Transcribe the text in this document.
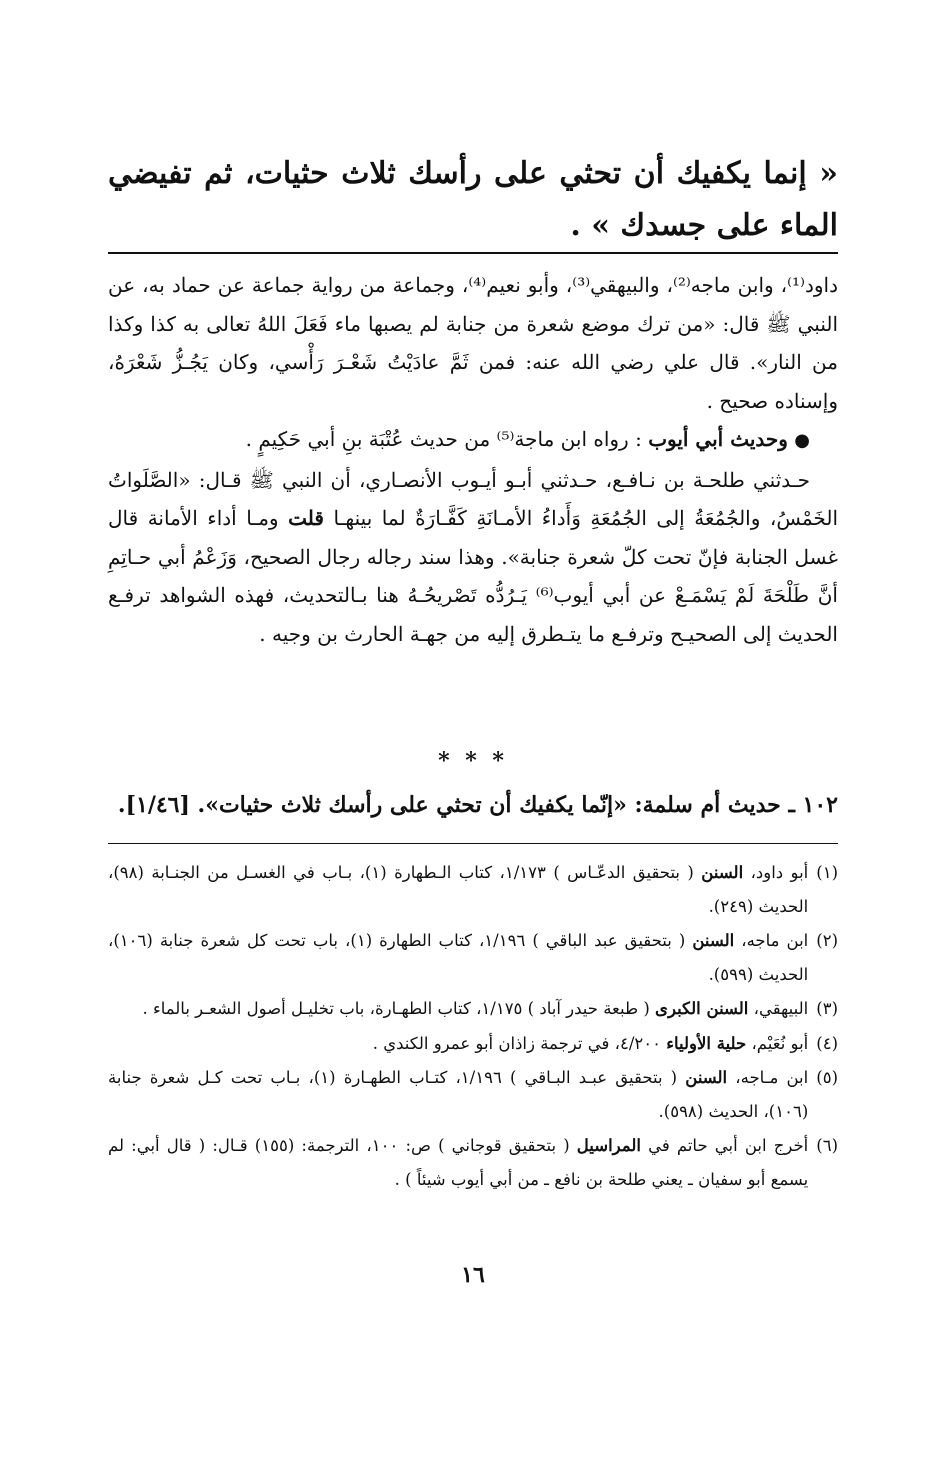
« إنما يكفيك أن تحثي على رأسك ثلاث حثيات، ثم تفيضي الماء على جسدك » .

داود⁽¹⁾، وابن ماجه⁽²⁾، والبيهقي⁽³⁾، وأبو نعيم⁽⁴⁾، وجماعة من رواية جماعة عن حماد به، عن النبي ﷺ قال: «من ترك موضع شعرة من جنابة لم يصبها ماء فَعَلَ اللهُ تعالى به كذا وكذا من النار». قال علي رضي الله عنه: فمن ثَمَّ عادَيْتُ شَعْـرَ رَأْسي، وكان يَجُـزُّ شَعْرَهُ، وإسناده صحيح .

● وحديث أبي أيوب : رواه ابن ماجة⁽⁵⁾ من حديث عُتْبَة بنِ أبي حَكِيمٍ .

حـدثني طلحـة بن نـافـع، حـدثني أبـو أيـوب الأنصـاري، أن النبي ﷺ قـال: «الصَّلَواتُ الخَمْسُ، والجُمُعَةُ إلى الجُمُعَةِ وَأَداءُ الأمـانَةِ كَفَّـارَةٌ لما بينهـا قلت ومـا أداء الأمانة قال غسل الجنابة فإنّ تحت كلّ شعرة جنابة». وهذا سند رجاله رجال الصحيح، وَزَعْمُ أبي حـاتِمِ أنَّ طَلْحَةَ لَمْ يَسْمَـعْ عن أبي أيوب⁽⁶⁾ يَـرُدُّه تَصْريحُـهُ هنا بـالتحديث، فهذه الشواهد ترفـع الحديث إلى الصحيـح وترفـع ما يتـطرق إليه من جهـة الحارث بن وجيه .

* * *
١٠٢ ـ حديث أم سلمة: «إنّما يكفيك أن تحثي على رأسك ثلاث حثيات». [١/٤٦].
(١)
أبو داود، السنن ( بتحقيق الدعّـاس ) ١/١٧٣، كتاب الـطهارة (١)، بـاب في الغسـل من الجنـابة (٩٨)، الحديث (٢٤٩).
(٢)
ابن ماجه، السنن ( بتحقيق عبد الباقي ) ١/١٩٦، كتاب الطهارة (١)، باب تحت كل شعرة جنابة (١٠٦)، الحديث (٥٩٩).
(٣)
البيهقي، السنن الكبرى ( طبعة حيدر آباد ) ١/١٧٥، كتاب الطهـارة، باب تخليـل أصول الشعـر بالماء .
(٤)
أبو نُعَيْم، حلية الأولياء ٤/٢٠٠، في ترجمة زاذان أبو عمرو الكندي .
(٥)
ابن مـاجه، السنن ( بتحقيق عبـد البـاقي ) ١/١٩٦، كتـاب الطهـارة (١)، بـاب تحت كـل شعرة جنابة (١٠٦)، الحديث (٥٩٨).
(٦)
أخرج ابن أبي حاتم في المراسيل ( بتحقيق قوجاني ) ص: ١٠٠، الترجمة: (١٥٥) قـال: ( قال أبي: لم يسمع أبو سفيان ـ يعني طلحة بن نافع ـ من أبي أيوب شيئاً ) .
١٦
